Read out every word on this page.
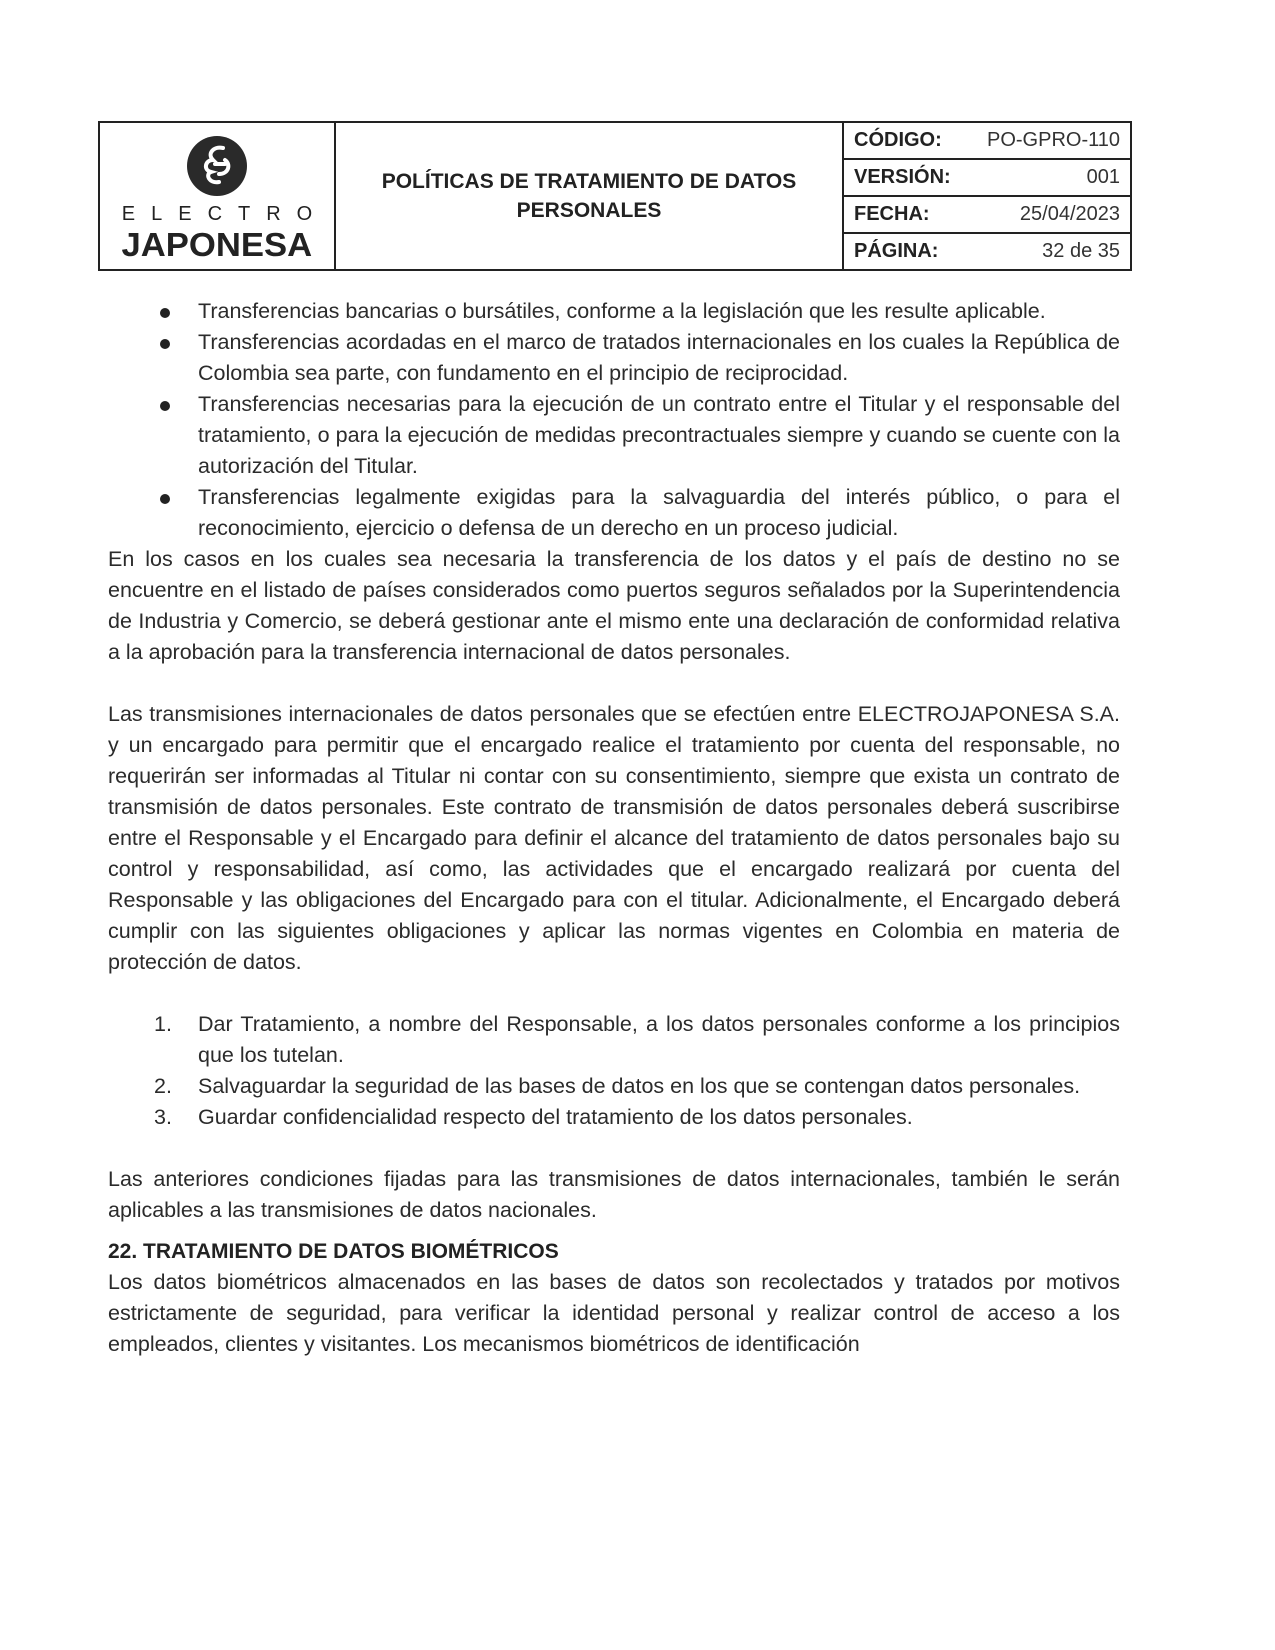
ELECTRO
JAPONESA
POLÍTICAS DE TRATAMIENTO DE DATOS PERSONALES
CÓDIGO: PO-GPRO-110
VERSIÓN:	001
FECHA:	25/04/2023
PÁGINA:	32 de 35
Transferencias bancarias o bursátiles, conforme a la legislación que les resulte aplicable.
Transferencias acordadas en el marco de tratados internacionales en los cuales la República de Colombia sea parte, con fundamento en el principio de reciprocidad.
Transferencias necesarias para la ejecución de un contrato entre el Titular y el responsable del tratamiento, o para la ejecución de medidas precontractuales siempre y cuando se cuente con la autorización del Titular.
Transferencias legalmente exigidas para la salvaguardia del interés público, o para el reconocimiento, ejercicio o defensa de un derecho en un proceso judicial.

En los casos en los cuales sea necesaria la transferencia de los datos y el país de destino no se encuentre en el listado de países considerados como puertos seguros señalados por la Superintendencia de Industria y Comercio, se deberá gestionar ante el mismo ente una declaración de conformidad relativa a la aprobación para la transferencia internacional de datos personales.

Las transmisiones internacionales de datos personales que se efectúen entre ELECTROJAPONESA S.A. y un encargado para permitir que el encargado realice el tratamiento por cuenta del responsable, no requerirán ser informadas al Titular ni contar con su consentimiento, siempre que exista un contrato de transmisión de datos personales. Este contrato de transmisión de datos personales deberá suscribirse entre el Responsable y el Encargado para definir el alcance del tratamiento de datos personales bajo su control y responsabilidad, así como, las actividades que el encargado realizará por cuenta del Responsable y las obligaciones del Encargado para con el titular. Adicionalmente, el Encargado deberá cumplir con las siguientes obligaciones y aplicar las normas vigentes en Colombia en materia de protección de datos.

1. Dar Tratamiento, a nombre del Responsable, a los datos personales conforme a los principios que los tutelan.
2. Salvaguardar la seguridad de las bases de datos en los que se contengan datos personales.
3. Guardar confidencialidad respecto del tratamiento de los datos personales.

Las anteriores condiciones fijadas para las transmisiones de datos internacionales, también le serán aplicables a las transmisiones de datos nacionales.

22. TRATAMIENTO DE DATOS BIOMÉTRICOS

Los datos biométricos almacenados en las bases de datos son recolectados y tratados por motivos estrictamente de seguridad, para verificar la identidad personal y realizar control de acceso a los empleados, clientes y visitantes. Los mecanismos biométricos de identificación
